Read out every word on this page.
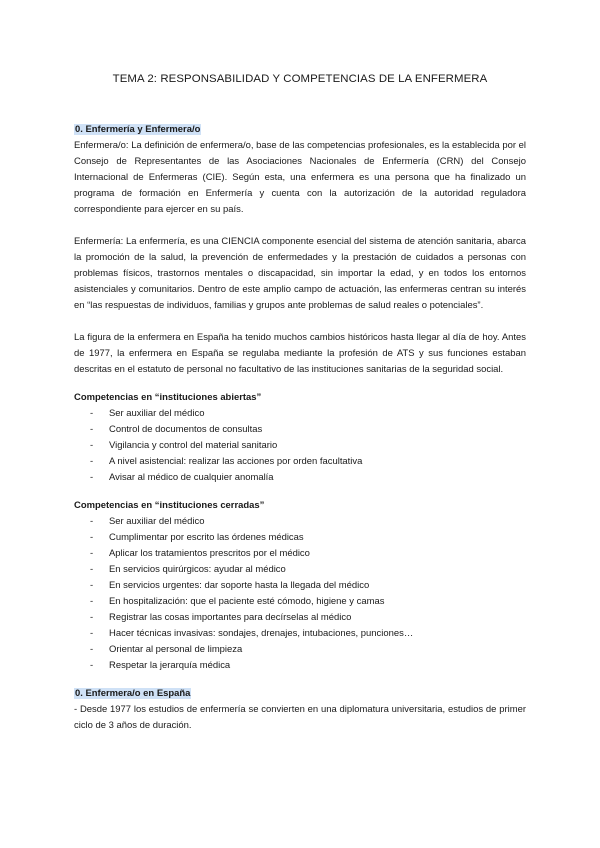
TEMA 2: RESPONSABILIDAD Y COMPETENCIAS DE LA ENFERMERA
0. Enfermería y Enfermera/o

Enfermera/o: La definición de enfermera/o, base de las competencias profesionales, es la establecida por el Consejo de Representantes de las Asociaciones Nacionales de Enfermería (CRN) del Consejo Internacional de Enfermeras (CIE). Según esta, una enfermera es una persona que ha finalizado un programa de formación en Enfermería y cuenta con la autorización de la autoridad reguladora correspondiente para ejercer en su país.

Enfermería: La enfermería, es una CIENCIA componente esencial del sistema de atención sanitaria, abarca la promoción de la salud, la prevención de enfermedades y la prestación de cuidados a personas con problemas físicos, trastornos mentales o discapacidad, sin importar la edad, y en todos los entornos asistenciales y comunitarios. Dentro de este amplio campo de actuación, las enfermeras centran su interés en “las respuestas de individuos, familias y grupos ante problemas de salud reales o potenciales”.

La figura de la enfermera en España ha tenido muchos cambios históricos hasta llegar al día de hoy. Antes de 1977, la enfermera en España se regulaba mediante la profesión de ATS y sus funciones estaban descritas en el estatuto de personal no facultativo de las instituciones sanitarias de la seguridad social.

Competencias en “instituciones abiertas”
- Ser auxiliar del médico
- Control de documentos de consultas
- Vigilancia y control del material sanitario
- A nivel asistencial: realizar las acciones por orden facultativa
- Avisar al médico de cualquier anomalía
Competencias en “instituciones cerradas”
- Ser auxiliar del médico
- Cumplimentar por escrito las órdenes médicas
- Aplicar los tratamientos prescritos por el médico
- En servicios quirúrgicos: ayudar al médico
- En servicios urgentes: dar soporte hasta la llegada del médico
- En hospitalización: que el paciente esté cómodo, higiene y camas
- Registrar las cosas importantes para decírselas al médico
- Hacer técnicas invasivas: sondajes, drenajes, intubaciones, punciones…
- Orientar al personal de limpieza
- Respetar la jerarquía médica
0. Enfermera/o en España

- Desde 1977 los estudios de enfermería se convierten en una diplomatura universitaria, estudios de primer ciclo de 3 años de duración.
